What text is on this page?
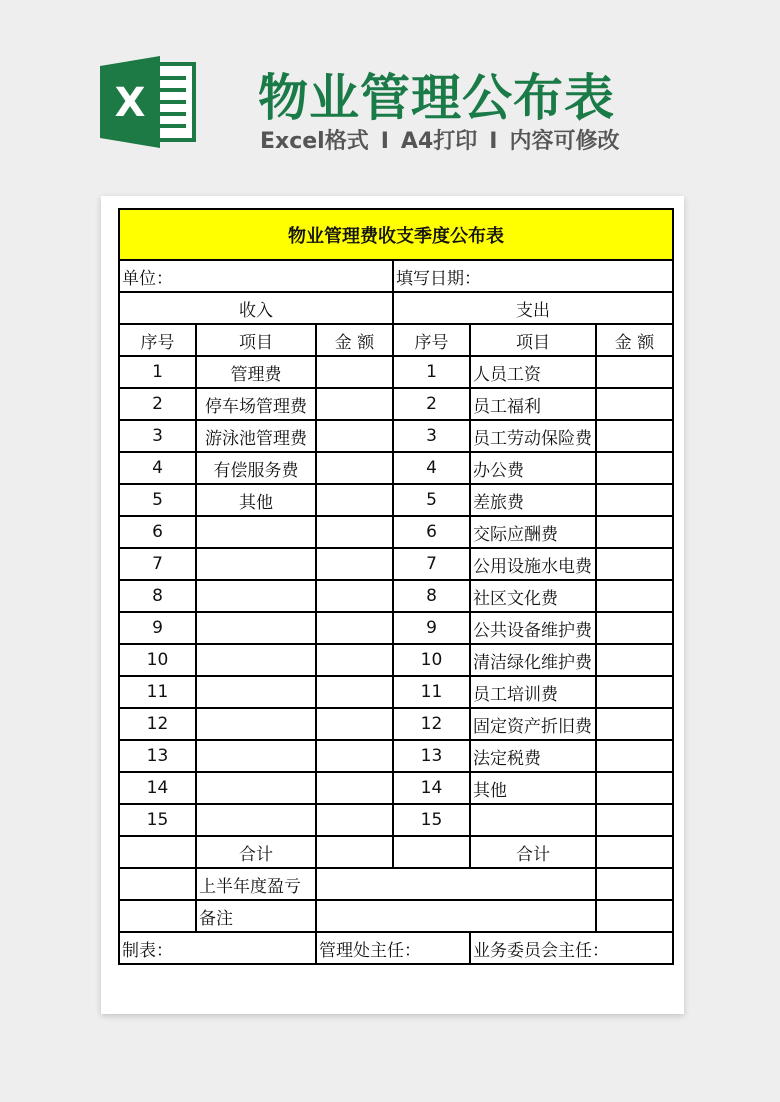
X 物业管理公布表
Excel格式 I A4打印 I 内容可修改
物业管理费收支季度公布表					
单位：			填写日期：		
收入			支出		
序号	项目	金 额	序号	项目	金 额
1	管理费		1	人员工资	
2	停车场管理费		2	员工福利	
3	游泳池管理费		3	员工劳动保险费	
4	有偿服务费		4	办公费	
5	其他		5	差旅费	
6			6	交际应酬费	
7			7	公用设施水电费	
8			8	社区文化费	
9			9	公共设备维护费	
10			10	清洁绿化维护费	
11			11	员工培训费	
12			12	固定资产折旧费	
13			13	法定税费	
14			14	其他	
15			15		
	合计			合计	
	上半年度盈亏				
	备注				
制表：		管理处主任：		业务委员会主任：	
